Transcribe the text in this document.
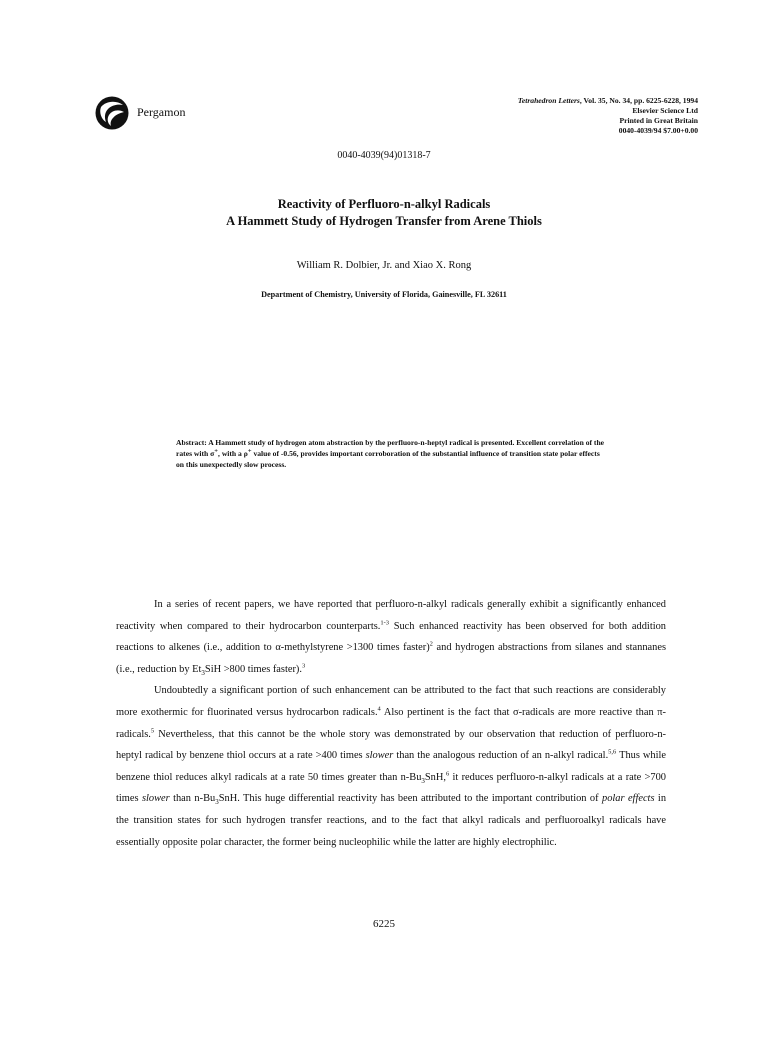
Pergamon
Tetrahedron Letters, Vol. 35, No. 34, pp. 6225-6228, 1994
Elsevier Science Ltd
Printed in Great Britain
0040-4039/94 $7.00+0.00
0040-4039(94)01318-7
Reactivity of Perfluoro-n-alkyl Radicals
A Hammett Study of Hydrogen Transfer from Arene Thiols
William R. Dolbier, Jr. and Xiao X. Rong
Department of Chemistry, University of Florida, Gainesville, FL 32611
Abstract: A Hammett study of hydrogen atom abstraction by the perfluoro-n-heptyl radical is presented. Excellent correlation of the rates with σ+, with a ρ+ value of -0.56, provides important corroboration of the substantial influence of transition state polar effects on this unexpectedly slow process.

In a series of recent papers, we have reported that perfluoro-n-alkyl radicals generally exhibit a significantly enhanced reactivity when compared to their hydrocarbon counterparts.$^{1-3}$ Such enhanced reactivity has been observed for both addition reactions to alkenes (i.e., addition to α-methylstyrene >1300 times faster)$^2$ and hydrogen abstractions from silanes and stannanes (i.e., reduction by $Et_3SiH >800$ times faster).$^3$

Undoubtedly a significant portion of such enhancement can be attributed to the fact that such reactions are considerably more exothermic for fluorinated versus hydrocarbon radicals.$^4$ Also pertinent is the fact that σ-radicals are more reactive than π-radicals.$^5$ Nevertheless, that this cannot be the whole story was demonstrated by our observation that reduction of perfluoro-n-heptyl radical by benzene thiol occurs at a rate >400 times slower than the analogous reduction of an n-alkyl radical.$^{5,6}$ Thus while benzene thiol reduces alkyl radicals at a rate 50 times greater than $n-Bu_3SnH,^6$ it reduces perfluoro-n-alkyl radicals at a rate >700 times slower than $n-Bu_3SnH$. This huge differential reactivity has been attributed to the important contribution of polar effects in the transition states for such hydrogen transfer reactions, and to the fact that alkyl radicals and perfluoroalkyl radicals have essentially opposite polar character, the former being nucleophilic while the latter are highly electrophilic.

6225
